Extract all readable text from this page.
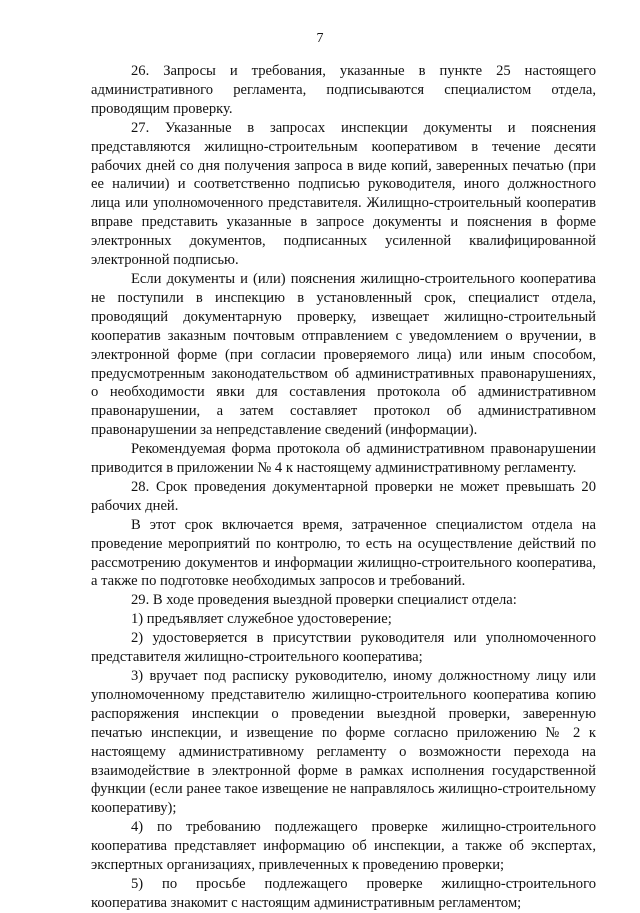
7

26. Запросы и требования, указанные в пункте 25 настоящего административного регламента, подписываются специалистом отдела, проводящим проверку.

27. Указанные в запросах инспекции документы и пояснения представляются жилищно-строительным кооперативом в течение десяти рабочих дней со дня получения запроса в виде копий, заверенных печатью (при ее наличии) и соответственно подписью руководителя, иного должностного лица или уполномоченного представителя. Жилищно-строительный кооператив вправе представить указанные в запросе документы и пояснения в форме электронных документов, подписанных усиленной квалифицированной электронной подписью.

Если документы и (или) пояснения жилищно-строительного кооператива не поступили в инспекцию в установленный срок, специалист отдела, проводящий документарную проверку, извещает жилищно-строительный кооператив заказным почтовым отправлением с уведомлением о вручении, в электронной форме (при согласии проверяемого лица) или иным способом, предусмотренным законодательством об административных правонарушениях, о необходимости явки для составления протокола об административном правонарушении, а затем составляет протокол об административном правонарушении за непредставление сведений (информации).

Рекомендуемая форма протокола об административном правонарушении приводится в приложении № 4 к настоящему административному регламенту.

28. Срок проведения документарной проверки не может превышать 20 рабочих дней.

В этот срок включается время, затраченное специалистом отдела на проведение мероприятий по контролю, то есть на осуществление действий по рассмотрению документов и информации жилищно-строительного кооператива, а также по подготовке необходимых запросов и требований.

29. В ходе проведения выездной проверки специалист отдела:

1) предъявляет служебное удостоверение;

2) удостоверяется в присутствии руководителя или уполномоченного представителя жилищно-строительного кооператива;

3) вручает под расписку руководителю, иному должностному лицу или уполномоченному представителю жилищно-строительного кооператива копию распоряжения инспекции о проведении выездной проверки, заверенную печатью инспекции, и извещение по форме согласно приложению № 2 к настоящему административному регламенту о возможности перехода на взаимодействие в электронной форме в рамках исполнения государственной функции (если ранее такое извещение не направлялось жилищно-строительному кооперативу);

4) по требованию подлежащего проверке жилищно-строительного кооператива представляет информацию об инспекции, а также об экспертах, экспертных организациях, привлеченных к проведению проверки;

5) по просьбе подлежащего проверке жилищно-строительного кооператива знакомит с настоящим административным регламентом;
